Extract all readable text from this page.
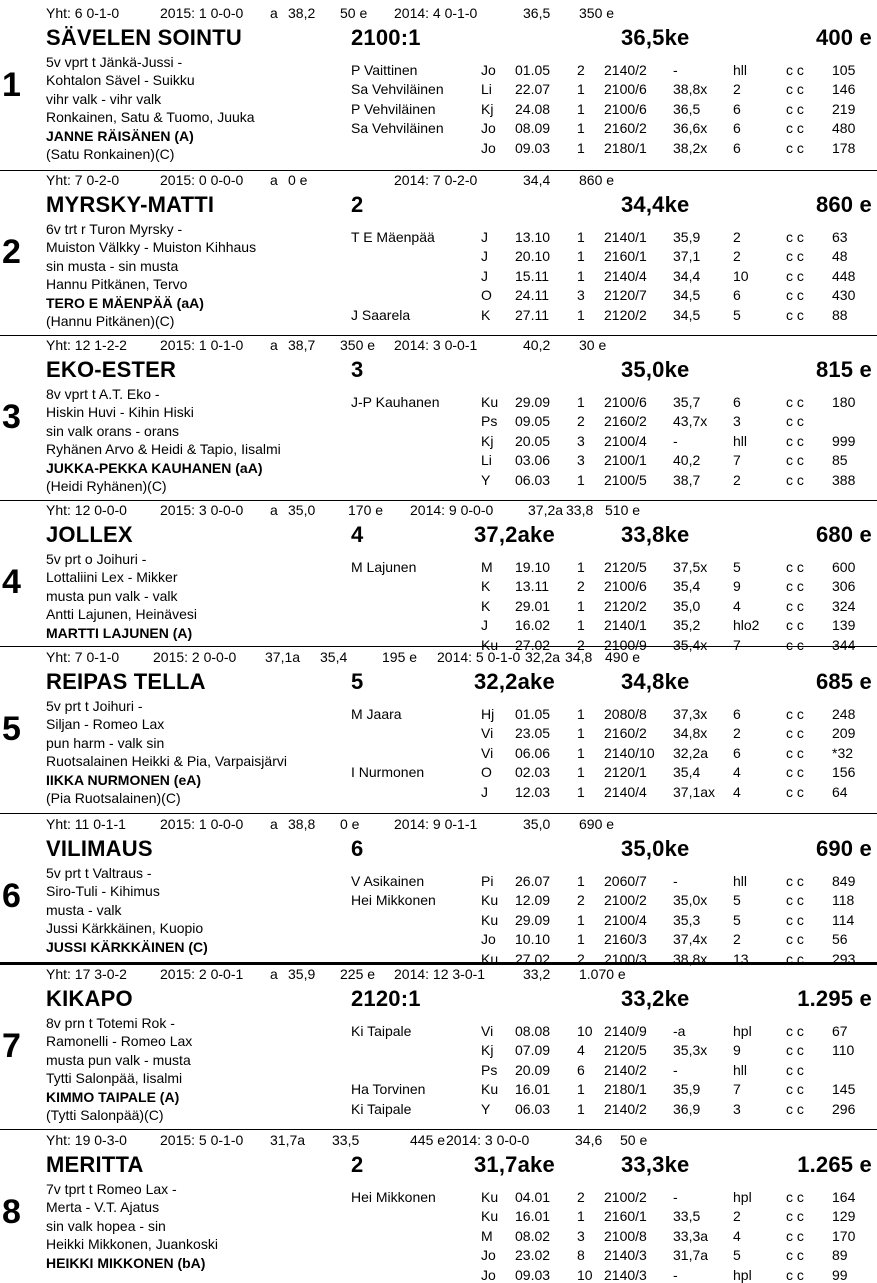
Yht: 6 0-1-0	2015: 1 0-0-0 a 38,2 50 e 2014: 4 0-1-0	36,5 350 e
1
SÄVELEN SOINTU	2100:1	36,5ke	400 e
5v vprt t Jänkä-Jussi -
Kohtalon Sävel - Suikku
vihr valk - vihr valk
Ronkainen, Satu & Tuomo, Juuka
JANNE RÄISÄNEN (A)
(Satu Ronkainen)(C)
P Vaittinen	Jo 01.05 2 2140/2 -	hll	c c 105
Sa Vehviläinen	Li 22.07 1 2100/6 38,8x 2	c c 146
P Vehviläinen	Kj 24.08 1 2100/6 36,5 6	c c 219
Sa Vehviläinen	Jo 08.09 1 2160/2 36,6x 6	c c 480
Jo 09.03 1 2180/1 38,2x 6	c c 178
Yht: 7 0-2-0	2015: 0 0-0-0 a 0 e	2014: 7 0-2-0	34,4 860 e
2
MYRSKY-MATTI	2	34,4ke	860 e
6v trt r Turon Myrsky -
Muiston Välkky - Muiston Kihhaus
sin musta - sin musta
Hannu Pitkänen, Tervo
TERO E MÄENPÄÄ (aA)
(Hannu Pitkänen)(C)
T E Mäenpää	J 13.10 1 2140/1 35,9 2	c c 63
J 20.10 1 2160/1 37,1 2	c c 48
J 15.11 1 2140/4 34,4 10	c c 448
O 24.11 3 2120/7 34,5 6	c c 430
J Saarela	K 27.11 1 2120/2 34,5 5	c c 88
Yht: 12 1-2-2 2015: 1 0-1-0 a 38,7 350 e 2014: 3 0-0-1	40,2 30 e
3
EKO-ESTER	3	35,0ke	815 e
8v vprt t A.T. Eko -
Hiskin Huvi - Kihin Hiski
sin valk orans - orans
Ryhänen Arvo & Heidi & Tapio, Iisalmi
JUKKA-PEKKA KAUHANEN (aA)
(Heidi Ryhänen)(C)
J-P Kauhanen	Ku 29.09 1 2100/6 35,7 6	c c 180
Ps 09.05 2 2160/2 43,7x 3	c c
Kj 20.05 3 2100/4 -	hll	c c 999
Li 03.06 3 2100/1 40,2 7	c c 85
Y 06.03 1 2100/5 38,7 2	c c 388
Yht: 12 0-0-0 2015: 3 0-0-0 a 35,0 170 e 2014: 9 0-0-0 37,2a 33,8 510 e
4
JOLLEX	4	37,2ake	33,8ke	680 e
5v prt o Joihuri -
Lottaliini Lex - Mikker
musta pun valk - valk
Antti Lajunen, Heinävesi
MARTTI LAJUNEN (A)
M Lajunen	M 19.10 1 2120/5 37,5x 5	c c 600
K 13.11 2 2100/6 35,4 9	c c 306
K 29.01 1 2120/2 35,0 4	c c 324
J 16.02 1 2140/1 35,2 hlo2 c c 139
Ku 27.02 2 2100/9 35,4x 7	c c 344
Yht: 7 0-1-0 2015: 2 0-0-0 37,1a 35,4 195 e 2014: 5 0-1-0 32,2a 34,8 490 e
5
REIPAS TELLA	5	32,2ake	34,8ke	685 e
5v prt t Joihuri -
Siljan - Romeo Lax
pun harm - valk sin
Ruotsalainen Heikki & Pia, Varpaisjärvi
IIKKA NURMONEN (eA)
(Pia Ruotsalainen)(C)
M Jaara	Hj 01.05 1 2080/8 37,3x 6	c c 248
Vi 23.05 1 2160/2 34,8x 2	c c 209
Vi 06.06 1 2140/10 32,2a 6	c c *32
I Nurmonen	O 02.03 1 2120/1 35,4 4	c c 156
J 12.03 1 2140/4 37,1ax 4	c c 64
Yht: 11 0-1-1 2015: 1 0-0-0 a 38,8 0 e 2014: 9 0-1-1	35,0 690 e
6
VILIMAUS	6	35,0ke	690 e
5v prt t Valtraus -
Siro-Tuli - Kihimus
musta - valk
Jussi Kärkkäinen, Kuopio
JUSSI KÄRKKÄINEN (C)
V Asikainen	Pi 26.07 1 2060/7 -	hll	c c 849
Hei Mikkonen	Ku 12.09 2 2100/2 35,0x 5	c c 118
Ku 29.09 1 2100/4 35,3 5	c c 114
Jo 10.10 1 2160/3 37,4x 2	c c 56
Ku 27.02 2 2100/3 38,8x 13	c c 293
Yht: 17 3-0-2 2015: 2 0-0-1 a 35,9 225 e 2014: 12 3-0-1	33,2 1.070 e
7
KIKAPO	2120:1	33,2ke	1.295 e
8v prn t Totemi Rok -
Ramonelli - Romeo Lax
musta pun valk - musta
Tytti Salonpää, Iisalmi
KIMMO TAIPALE (A)
(Tytti Salonpää)(C)
Ki Taipale	Vi 08.08 10 2140/9 -a	hpl c c 67
Kj 07.09 4 2120/5 35,3x 9	c c 110
Ps 20.09 6 2140/2 -	hll	c c
Ha Torvinen	Ku 16.01 1 2180/1 35,9 7	c c 145
Ki Taipale	Y 06.03 1 2140/2 36,9 3	c c 296
Yht: 19 0-3-0 2015: 5 0-1-0 31,7a 33,5	445 e 2014: 3 0-0-0	34,6 50 e
8
MERITTA	2	31,7ake	33,3ke	1.265 e
7v tprt t Romeo Lax -
Merta - V.T. Ajatus
sin valk hopea - sin
Heikki Mikkonen, Juankoski
HEIKKI MIKKONEN (bA)
Hei Mikkonen	Ku 04.01 2 2100/2 -	hpl c c 164
Ku 16.01 1 2160/1 33,5 2	c c 129
M 08.02 3 2100/8 33,3a 4	c c 170
Jo 23.02 8 2140/3 31,7a 5	c c 89
Jo 09.03 10 2140/3 -	hpl c c 99
